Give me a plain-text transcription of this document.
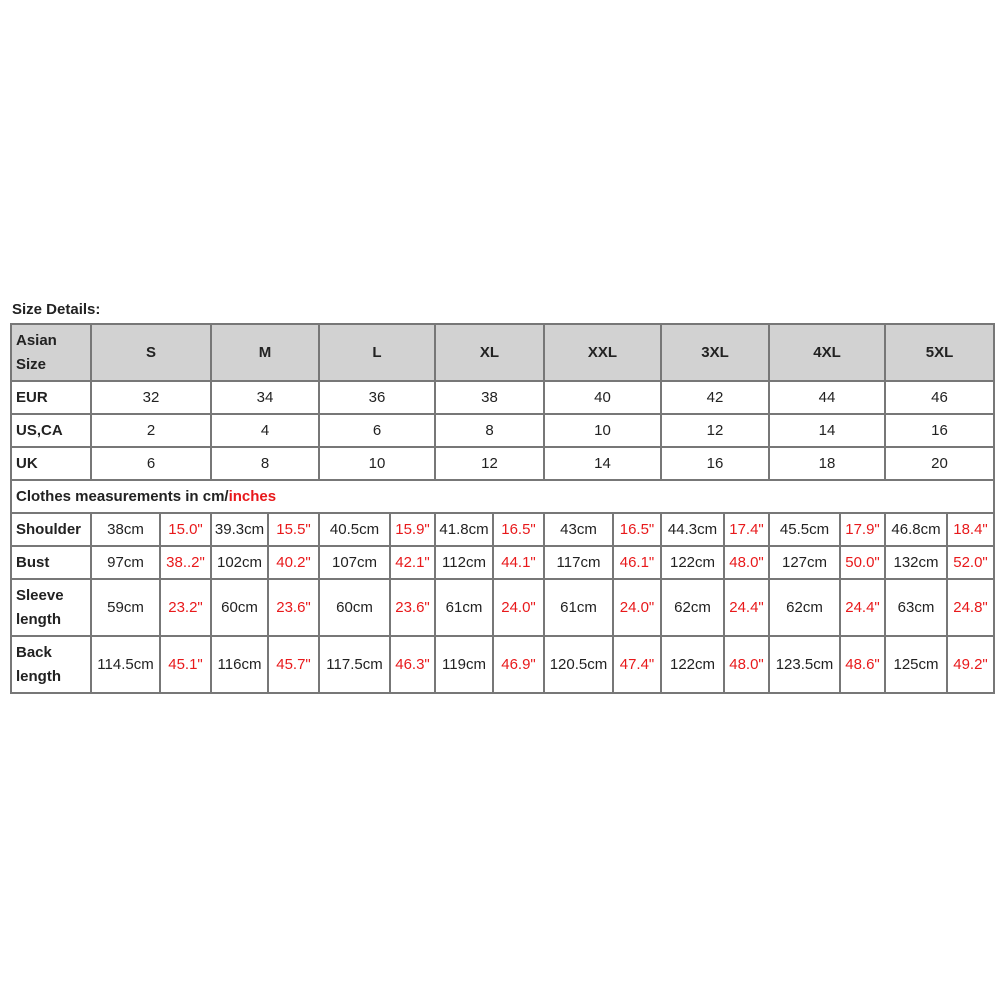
Size Details:
Asian Size	S		M		L		XL		XXL		3XL		4XL		5XL	
EUR	32		34		36		38		40		42		44		46	
US,CA	2		4		6		8		10		12		14		16	
UK	6		8		10		12		14		16		18		20	
Clothes measurements in cm/inches																
Shoulder	38cm	15.0"	39.3cm	15.5"	40.5cm	15.9"	41.8cm	16.5"	43cm	16.5"	44.3cm	17.4"	45.5cm	17.9"	46.8cm	18.4"
Bust	97cm	38..2"	102cm	40.2"	107cm	42.1"	112cm	44.1"	117cm	46.1"	122cm	48.0"	127cm	50.0"	132cm	52.0"
Sleeve length	59cm	23.2"	60cm	23.6"	60cm	23.6"	61cm	24.0"	61cm	24.0"	62cm	24.4"	62cm	24.4"	63cm	24.8"
Back length	114.5cm	45.1"	116cm	45.7"	117.5cm	46.3"	119cm	46.9"	120.5cm	47.4"	122cm	48.0"	123.5cm	48.6"	125cm	49.2"
